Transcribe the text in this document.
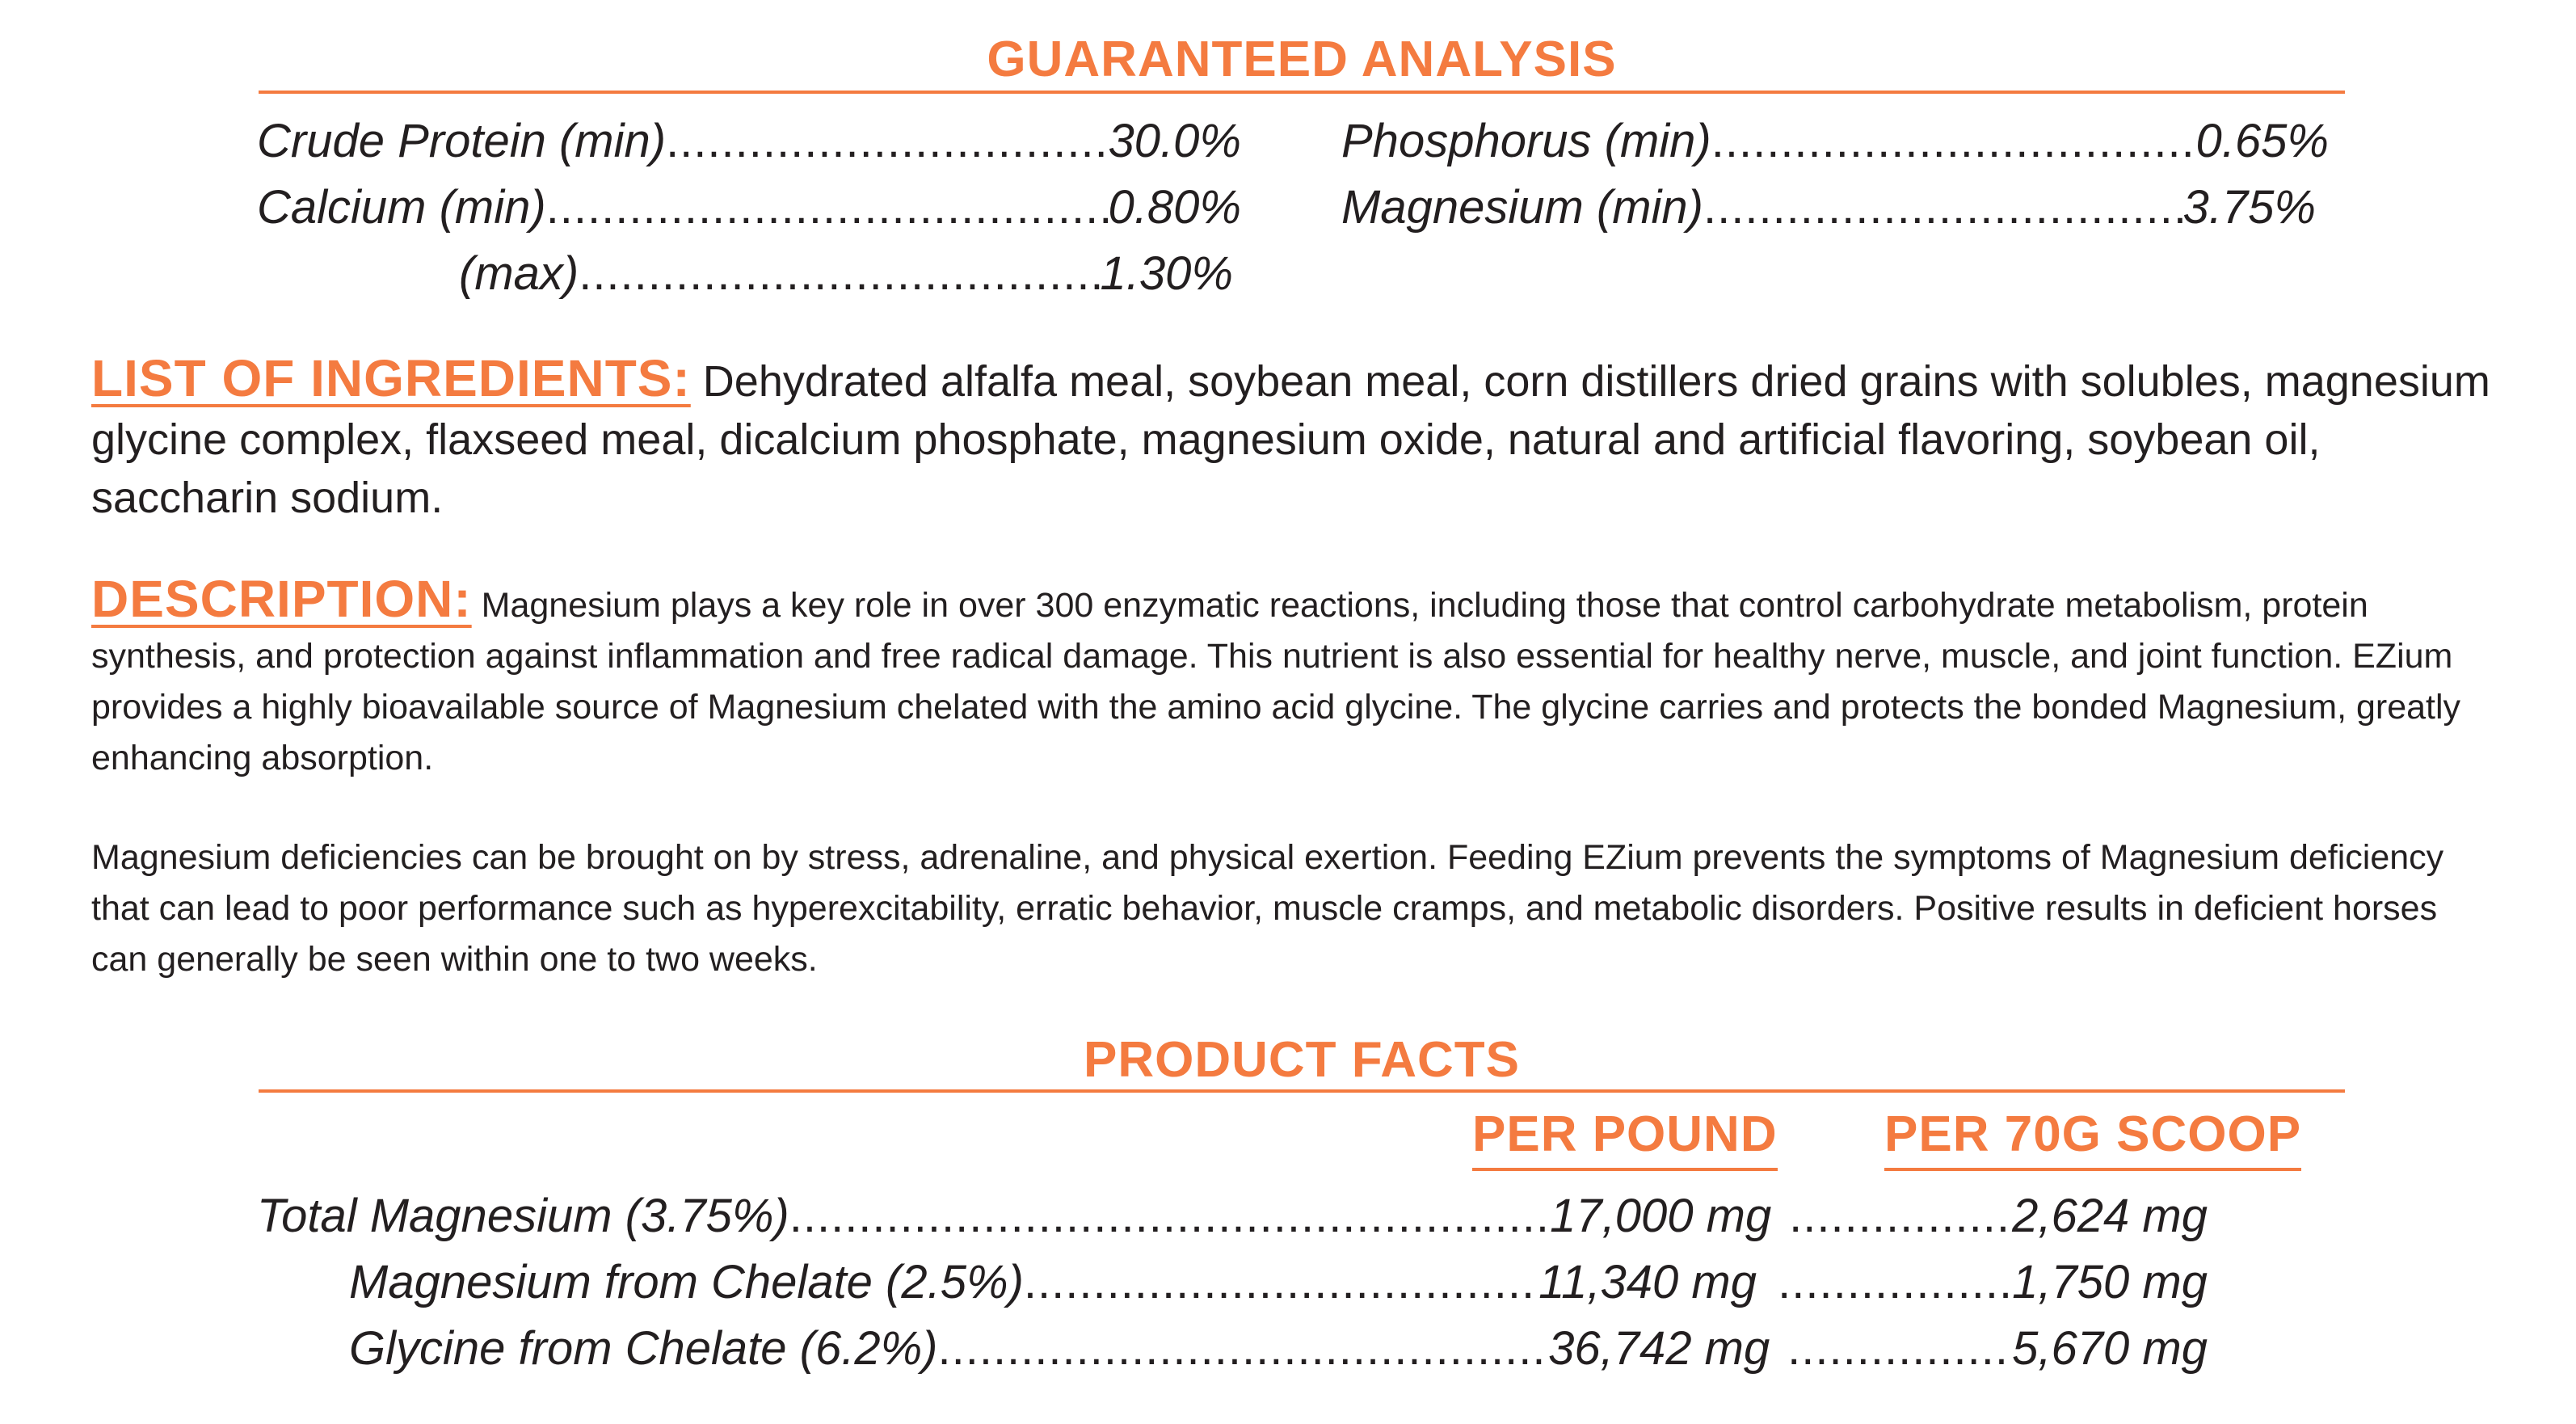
GUARANTEED ANALYSIS
Crude Protein (min) .....	30.0%
Calcium (min) .....	0.80%
(max) .....	1.30%
Phosphorus (min) .....	0.65%
Magnesium (min) .....	3.75%

LIST OF INGREDIENTS: Dehydrated alfalfa meal, soybean meal, corn distillers dried grains with solubles, magnesium glycine complex, flaxseed meal, dicalcium phosphate, magnesium oxide, natural and artificial flavoring, soybean oil, saccharin sodium.

DESCRIPTION: Magnesium plays a key role in over 300 enzymatic reactions, including those that control carbohydrate metabolism, protein synthesis, and protection against inflammation and free radical damage. This nutrient is also essential for healthy nerve, muscle, and joint function. EZium provides a highly bioavailable source of Magnesium chelated with the amino acid glycine. The glycine carries and protects the bonded Magnesium, greatly enhancing absorption.

Magnesium deficiencies can be brought on by stress, adrenaline, and physical exertion. Feeding EZium prevents the symptoms of Magnesium deficiency that can lead to poor performance such as hyperexcitability, erratic behavior, muscle cramps, and metabolic disorders. Positive results in deficient horses can generally be seen within one to two weeks.

PRODUCT FACTS
PER POUND PER 70G SCOOP
Total Magnesium (3.75%) .....	17,000 mg .....	2,624 mg
Magnesium from Chelate (2.5%) .....	11,340 mg .....	1,750 mg
Glycine from Chelate (6.2%) .....	36,742 mg .....	5,670 mg
